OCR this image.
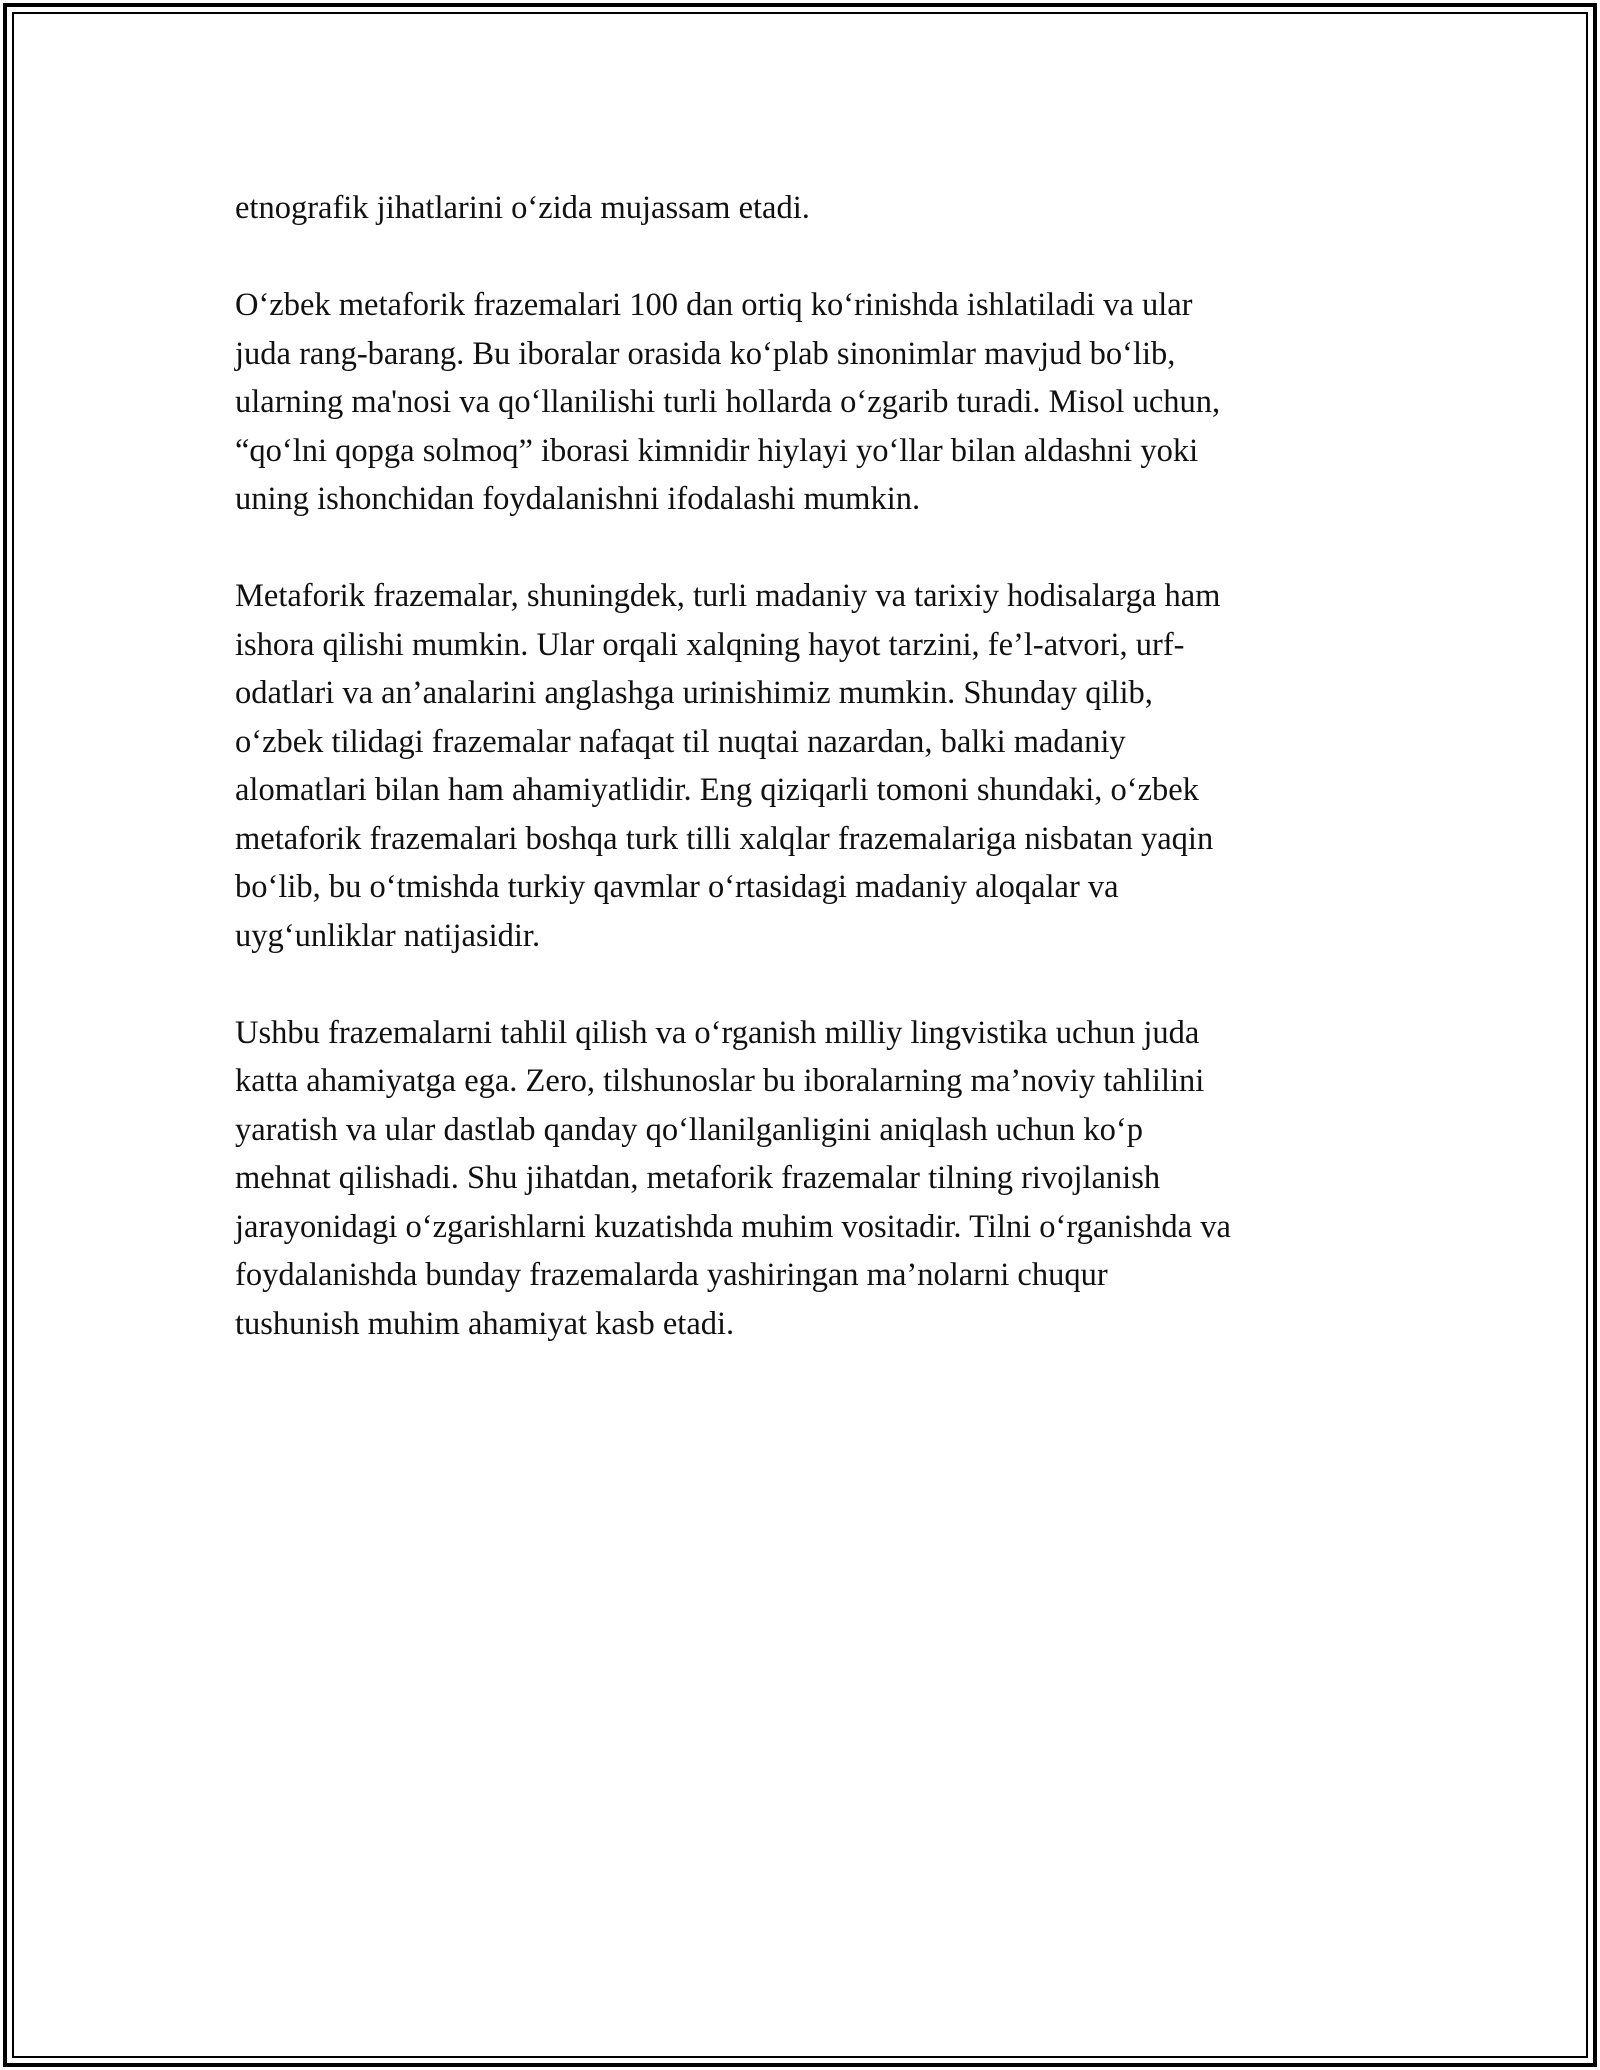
etnografik jihatlarini o‘zida mujassam etadi.

O‘zbek metaforik frazemalari 100 dan ortiq ko‘rinishda ishlatiladi va ular
juda rang-barang. Bu iboralar orasida ko‘plab sinonimlar mavjud bo‘lib,
ularning ma'nosi va qo‘llanilishi turli hollarda o‘zgarib turadi. Misol uchun,
“qo‘lni qopga solmoq” iborasi kimnidir hiylayi yo‘llar bilan aldashni yoki
uning ishonchidan foydalanishni ifodalashi mumkin.

Metaforik frazemalar, shuningdek, turli madaniy va tarixiy hodisalarga ham
ishora qilishi mumkin. Ular orqali xalqning hayot tarzini, fe’l-atvori, urf-
odatlari va an’analarini anglashga urinishimiz mumkin. Shunday qilib,
o‘zbek tilidagi frazemalar nafaqat til nuqtai nazardan, balki madaniy
alomatlari bilan ham ahamiyatlidir. Eng qiziqarli tomoni shundaki, o‘zbek
metaforik frazemalari boshqa turk tilli xalqlar frazemalariga nisbatan yaqin
bo‘lib, bu o‘tmishda turkiy qavmlar o‘rtasidagi madaniy aloqalar va
uyg‘unliklar natijasidir.

Ushbu frazemalarni tahlil qilish va o‘rganish milliy lingvistika uchun juda
katta ahamiyatga ega. Zero, tilshunoslar bu iboralarning ma’noviy tahlilini
yaratish va ular dastlab qanday qo‘llanilganligini aniqlash uchun ko‘p
mehnat qilishadi. Shu jihatdan, metaforik frazemalar tilning rivojlanish
jarayonidagi o‘zgarishlarni kuzatishda muhim vositadir. Tilni o‘rganishda va
foydalanishda bunday frazemalarda yashiringan ma’nolarni chuqur
tushunish muhim ahamiyat kasb etadi.
